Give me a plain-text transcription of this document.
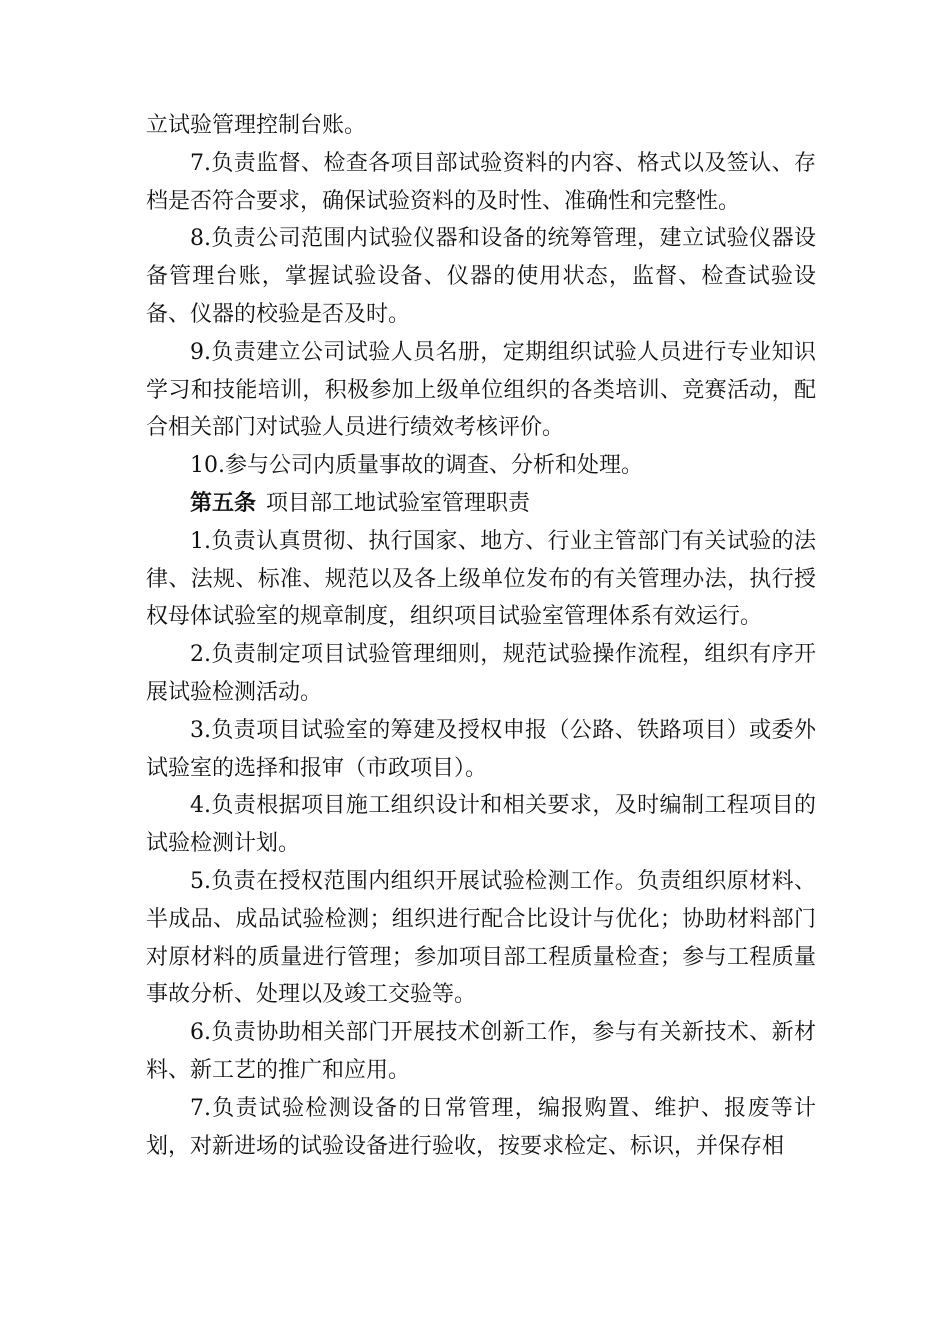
立试验管理控制台账。

7.负责监督、检查各项目部试验资料的内容、格式以及签认、存档是否符合要求，确保试验资料的及时性、准确性和完整性。

8.负责公司范围内试验仪器和设备的统筹管理，建立试验仪器设备管理台账，掌握试验设备、仪器的使用状态，监督、检查试验设备、仪器的校验是否及时。

9.负责建立公司试验人员名册，定期组织试验人员进行专业知识学习和技能培训，积极参加上级单位组织的各类培训、竞赛活动，配合相关部门对试验人员进行绩效考核评价。

10.参与公司内质量事故的调查、分析和处理。

第五条 项目部工地试验室管理职责

1.负责认真贯彻、执行国家、地方、行业主管部门有关试验的法律、法规、标准、规范以及各上级单位发布的有关管理办法，执行授权母体试验室的规章制度，组织项目试验室管理体系有效运行。

2.负责制定项目试验管理细则，规范试验操作流程，组织有序开展试验检测活动。

3.负责项目试验室的筹建及授权申报（公路、铁路项目）或委外试验室的选择和报审（市政项目）。

4.负责根据项目施工组织设计和相关要求，及时编制工程项目的试验检测计划。

5.负责在授权范围内组织开展试验检测工作。负责组织原材料、半成品、成品试验检测；组织进行配合比设计与优化；协助材料部门对原材料的质量进行管理；参加项目部工程质量检查；参与工程质量事故分析、处理以及竣工交验等。

6.负责协助相关部门开展技术创新工作，参与有关新技术、新材料、新工艺的推广和应用。

7.负责试验检测设备的日常管理，编报购置、维护、报废等计划，对新进场的试验设备进行验收，按要求检定、标识，并保存相
